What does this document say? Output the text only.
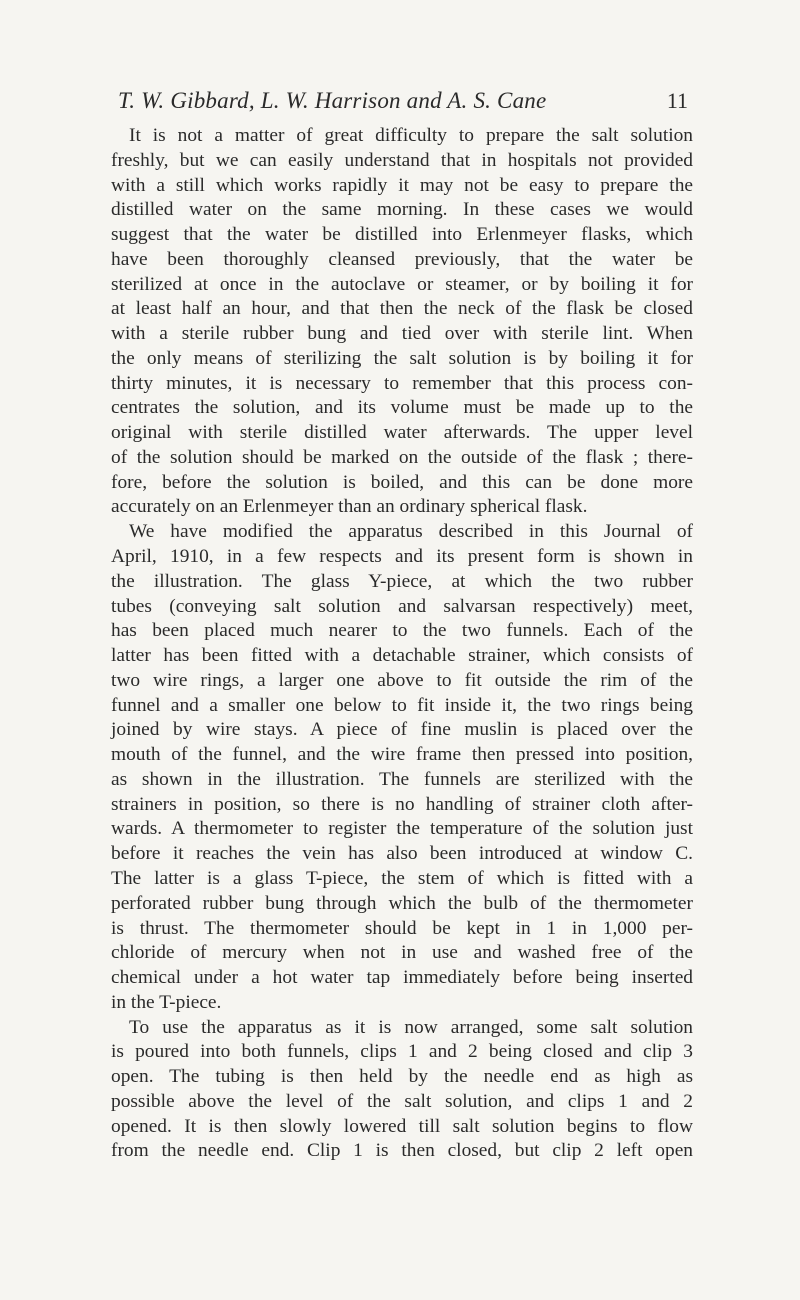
T. W. Gibbard, L. W. Harrison and A. S. Cane	11
It is not a matter of great difficulty to prepare the salt solution
freshly, but we can easily understand that in hospitals not provided
with a still which works rapidly it may not be easy to prepare the
distilled water on the same morning. In these cases we would
suggest that the water be distilled into Erlenmeyer flasks, which
have been thoroughly cleansed previously, that the water be
sterilized at once in the autoclave or steamer, or by boiling it for
at least half an hour, and that then the neck of the flask be closed
with a sterile rubber bung and tied over with sterile lint. When
the only means of sterilizing the salt solution is by boiling it for
thirty minutes, it is necessary to remember that this process con-
centrates the solution, and its volume must be made up to the
original with sterile distilled water afterwards. The upper level
of the solution should be marked on the outside of the flask ; there-
fore, before the solution is boiled, and this can be done more
accurately on an Erlenmeyer than an ordinary spherical flask.
We have modified the apparatus described in this Journal of
April, 1910, in a few respects and its present form is shown in
the illustration. The glass Y-piece, at which the two rubber
tubes (conveying salt solution and salvarsan respectively) meet,
has been placed much nearer to the two funnels. Each of the
latter has been fitted with a detachable strainer, which consists of
two wire rings, a larger one above to fit outside the rim of the
funnel and a smaller one below to fit inside it, the two rings being
joined by wire stays. A piece of fine muslin is placed over the
mouth of the funnel, and the wire frame then pressed into position,
as shown in the illustration. The funnels are sterilized with the
strainers in position, so there is no handling of strainer cloth after-
wards. A thermometer to register the temperature of the solution just
before it reaches the vein has also been introduced at window C.
The latter is a glass T-piece, the stem of which is fitted with a
perforated rubber bung through which the bulb of the thermometer
is thrust. The thermometer should be kept in 1 in 1,000 per-
chloride of mercury when not in use and washed free of the
chemical under a hot water tap immediately before being inserted
in the T-piece.
To use the apparatus as it is now arranged, some salt solution
is poured into both funnels, clips 1 and 2 being closed and clip 3
open. The tubing is then held by the needle end as high as
possible above the level of the salt solution, and clips 1 and 2
opened. It is then slowly lowered till salt solution begins to flow
from the needle end. Clip 1 is then closed, but clip 2 left open
